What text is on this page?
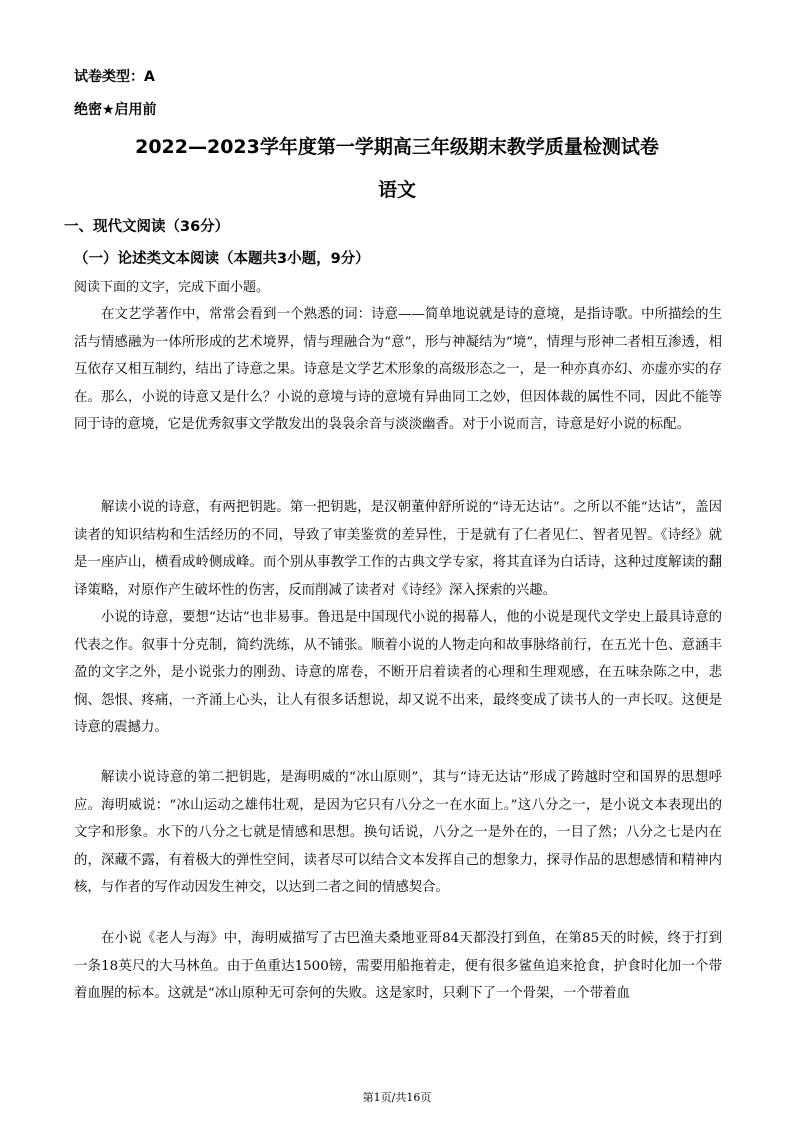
试卷类型：A
绝密★启用前
2022—2023学年度第一学期高三年级期末教学质量检测试卷
语文
一、现代文阅读（36分）
（一）论述类文本阅读（本题共3小题，9分）
阅读下面的文字，完成下面小题。

在文艺学著作中，常常会看到一个熟悉的词：诗意——简单地说就是诗的意境，是指诗歌。中所描绘的生活与情感融为一体所形成的艺术境界，情与理融合为“意”，形与神凝结为“境”，情理与形神二者相互渗透，相互依存又相互制约，结出了诗意之果。诗意是文学艺术形象的高级形态之一，是一种亦真亦幻、亦虚亦实的存在。那么，小说的诗意又是什么？小说的意境与诗的意境有异曲同工之妙，但因体裁的属性不同，因此不能等同于诗的意境，它是优秀叙事文学散发出的袅袅余音与淡淡幽香。对于小说而言，诗意是好小说的标配。

解读小说的诗意，有两把钥匙。第一把钥匙，是汉朝董仲舒所说的“诗无达诂”。之所以不能“达诂”，盖因读者的知识结构和生活经历的不同，导致了审美鉴赏的差异性，于是就有了仁者见仁、智者见智。《诗经》就是一座庐山，横看成岭侧成峰。而个别从事教学工作的古典文学专家，将其直译为白话诗，这种过度解读的翻译策略，对原作产生破坏性的伤害，反而削减了读者对《诗经》深入探索的兴趣。

小说的诗意，要想“达诂”也非易事。鲁迅是中国现代小说的揭幕人，他的小说是现代文学史上最具诗意的代表之作。叙事十分克制，简约洗练，从不铺张。顺着小说的人物走向和故事脉络前行，在五光十色、意涵丰盈的文字之外，是小说张力的刚劲、诗意的席卷，不断开启着读者的心理和生理观感，在五味杂陈之中，悲悯、怨恨、疼痛，一齐涌上心头，让人有很多话想说，却又说不出来，最终变成了读书人的一声长叹。这便是诗意的震撼力。

解读小说诗意的第二把钥匙，是海明威的“冰山原则”，其与“诗无达诂”形成了跨越时空和国界的思想呼应。海明威说：“冰山运动之雄伟壮观，是因为它只有八分之一在水面上。”这八分之一，是小说文本表现出的文字和形象。水下的八分之七就是情感和思想。换句话说，八分之一是外在的，一目了然；八分之七是内在的，深藏不露，有着极大的弹性空间，读者尽可以结合文本发挥自己的想象力，探寻作品的思想感情和精神内核，与作者的写作动因发生神交，以达到二者之间的情感契合。

在小说《老人与海》中，海明威描写了古巴渔夫桑地亚哥84天都没打到鱼，在第85天的时候，终于打到一条18英尺的大马林鱼。由于鱼重达1500镑，需要用船拖着走，便有很多鲨鱼追来抢食，护食时化加一个带着血腥的标本。这就是“冰山原种无可奈何的失败。这是家时，只剩下了一个骨架，一个带着血

第1页/共16页
